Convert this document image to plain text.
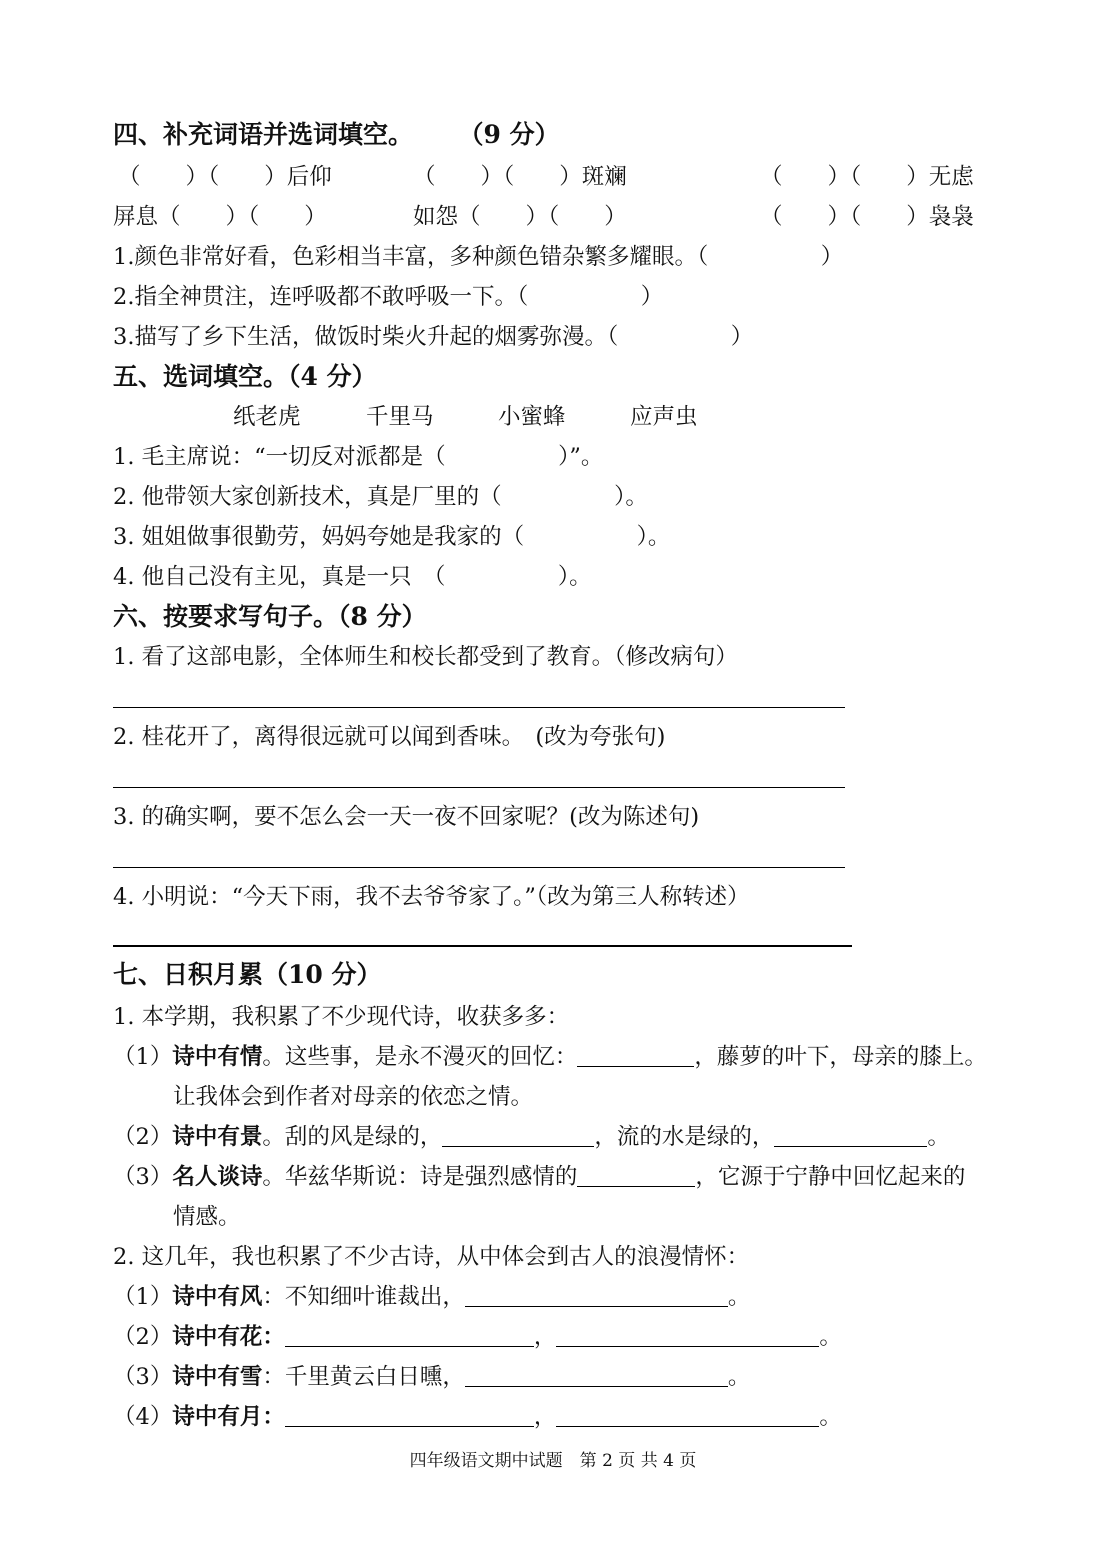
四、补充词语并选词填空。 （9 分）
（　　）（　　）后仰	（　　）（　　）斑斓	（　　）（　　）无虑
屏息（　　）（　　）	如怨（　　）（　　）	（　　）（　　）袅袅
1.颜色非常好看，色彩相当丰富，多种颜色错杂繁多耀眼。（　　　　　）
2.指全神贯注，连呼吸都不敢呼吸一下。（　　　　　）
3.描写了乡下生活，做饭时柴火升起的烟雾弥漫。（　　　　　）
五、选词填空。（4 分）
纸老虎	千里马	小蜜蜂	应声虫
1. 毛主席说：“一切反对派都是（　　　　　）”。
2. 他带领大家创新技术，真是厂里的（　　　　　）。
3. 姐姐做事很勤劳，妈妈夸她是我家的（　　　　　）。
4. 他自己没有主见，真是一只　（　　　　　）。
六、按要求写句子。（8 分）
1. 看了这部电影，全体师生和校长都受到了教育。（修改病句）
2. 桂花开了，离得很远就可以闻到香味。　(改为夸张句)
3. 的确实啊，要不怎么会一天一夜不回家呢？(改为陈述句)
4. 小明说：“今天下雨，我不去爷爷家了。”（改为第三人称转述）
七、日积月累（10 分）
1. 本学期，我积累了不少现代诗，收获多多：
（1）诗中有情。这些事，是永不漫灭的回忆：	，藤萝的叶下，母亲的膝上。
让我体会到作者对母亲的依恋之情。
（2）诗中有景。刮的风是绿的，	，流的水是绿的，	。
（3）名人谈诗。华兹华斯说：诗是强烈感情的	，它源于宁静中回忆起来的
情感。
2. 这几年，我也积累了不少古诗，从中体会到古人的浪漫情怀：
（1）诗中有风：不知细叶谁裁出，	。
（2）诗中有花：	，	。
（3）诗中有雪：千里黄云白日曛，	。
（4）诗中有月：	，	。
四年级语文期中试题　第 2 页 共 4 页
